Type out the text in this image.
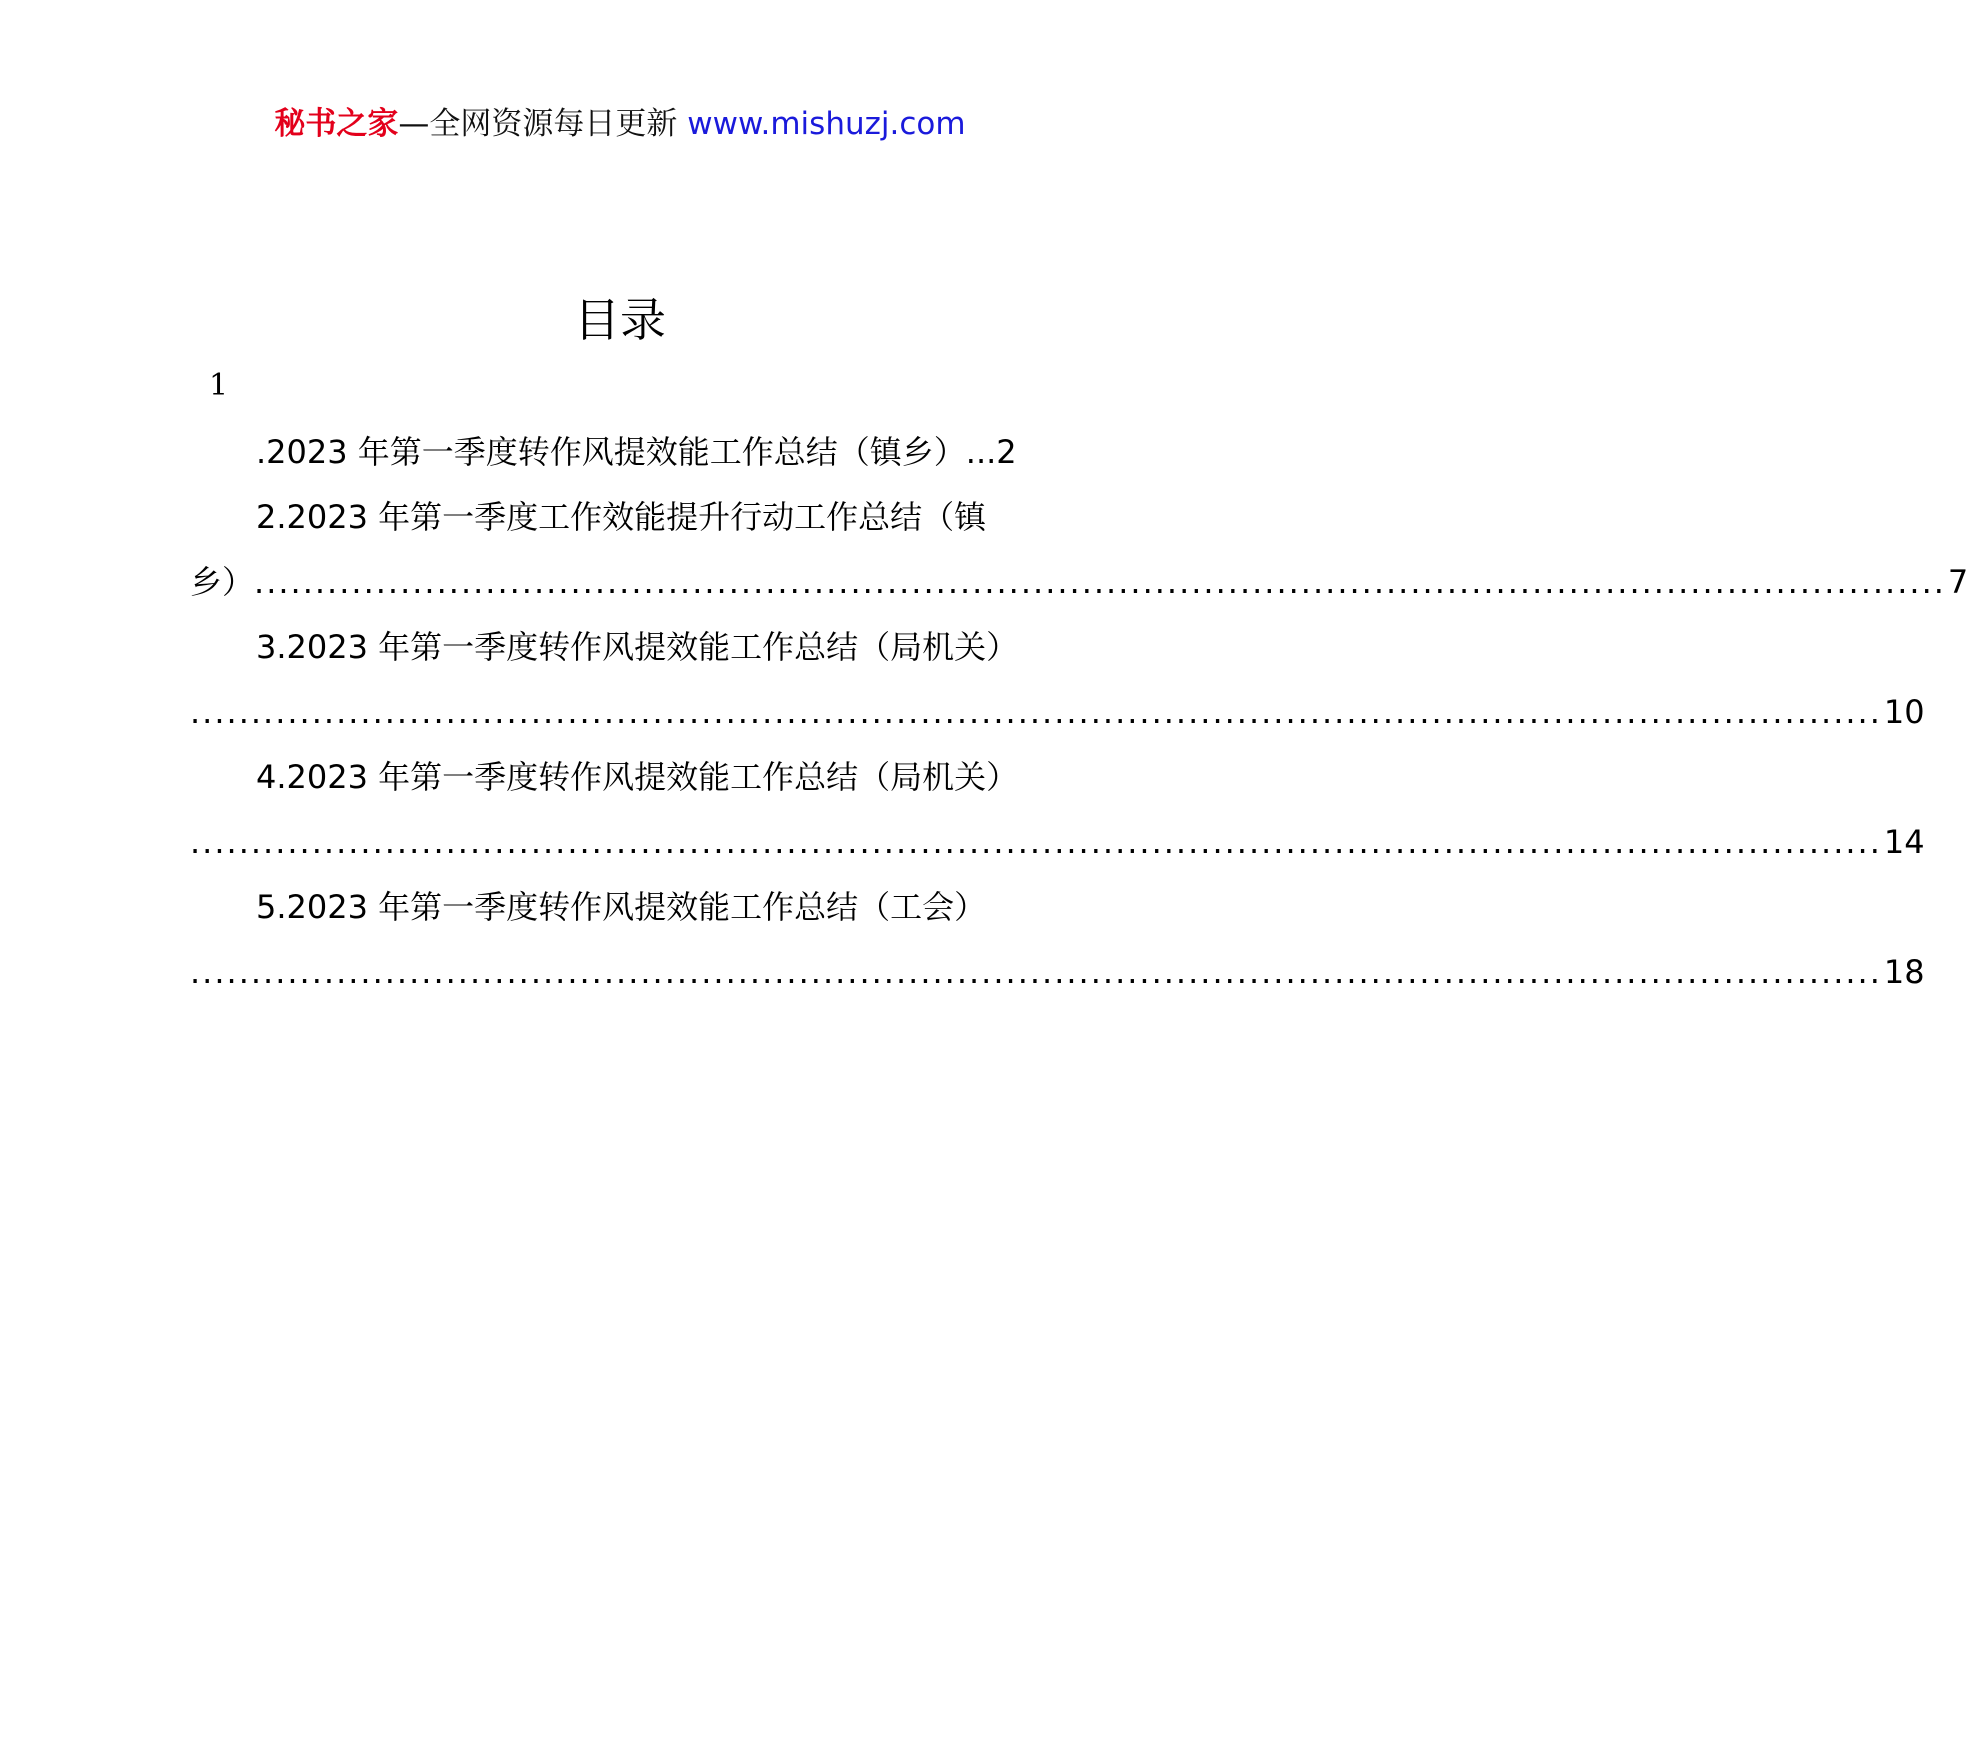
秘书之家—全网资源每日更新 www.mishuzj.com
目录
1
.2023 年第一季度转作风提效能工作总结（镇乡）...2
2.2023 年第一季度工作效能提升行动工作总结（镇
乡） ........................................................................................................................................... 7
3.2023 年第一季度转作风提效能工作总结（局机关）
........................................................................................................................................... 10
4.2023 年第一季度转作风提效能工作总结（局机关）
........................................................................................................................................... 14
5.2023 年第一季度转作风提效能工作总结（工会）
........................................................................................................................................... 18
